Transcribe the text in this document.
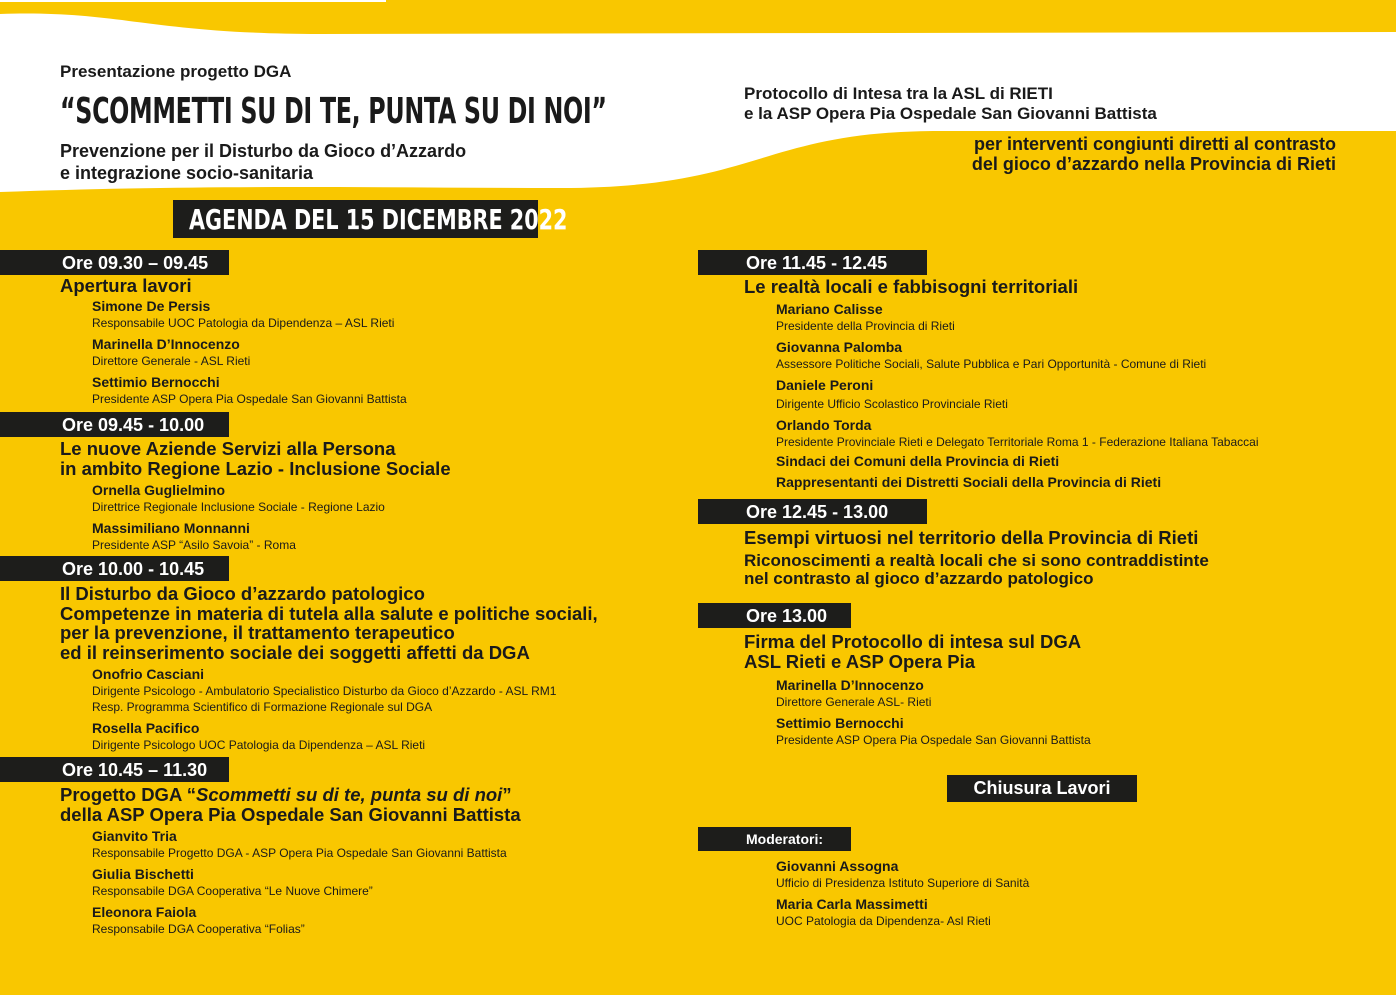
Presentazione progetto DGA
“SCOMMETTI SU DI TE, PUNTA SU DI NOI”
Prevenzione per il Disturbo da Gioco d’Azzardo
e integrazione socio-sanitaria
Protocollo di Intesa tra la ASL di RIETI
e la ASP Opera Pia Ospedale San Giovanni Battista
per interventi congiunti diretti al contrasto
del gioco d’azzardo nella Provincia di Rieti
AGENDA DEL 15 DICEMBRE 2022
Ore 09.30 – 09.45
Apertura lavori
Simone De Persis
Responsabile UOC Patologia da Dipendenza – ASL Rieti
Marinella D’Innocenzo
Direttore Generale - ASL Rieti
Settimio Bernocchi
Presidente ASP Opera Pia Ospedale San Giovanni Battista
Ore 09.45 - 10.00
Le nuove Aziende Servizi alla Persona
in ambito Regione Lazio - Inclusione Sociale
Ornella Guglielmino
Direttrice Regionale Inclusione Sociale - Regione Lazio
Massimiliano Monnanni
Presidente ASP “Asilo Savoia” - Roma
Ore 10.00 - 10.45
Il Disturbo da Gioco d’azzardo patologico
Competenze in materia di tutela alla salute e politiche sociali,
per la prevenzione, il trattamento terapeutico
ed il reinserimento sociale dei soggetti affetti da DGA
Onofrio Casciani
Dirigente Psicologo - Ambulatorio Specialistico Disturbo da Gioco d’Azzardo - ASL RM1
Resp. Programma Scientifico di Formazione Regionale sul DGA
Rosella Pacifico
Dirigente Psicologo UOC Patologia da Dipendenza – ASL Rieti
Ore 10.45 – 11.30
Progetto DGA “Scommetti su di te, punta su di noi”
della ASP Opera Pia Ospedale San Giovanni Battista
Gianvito Tria
Responsabile Progetto DGA - ASP Opera Pia Ospedale San Giovanni Battista
Giulia Bischetti
Responsabile DGA Cooperativa “Le Nuove Chimere”
Eleonora Faiola
Responsabile DGA Cooperativa “Folias”
Ore 11.45 - 12.45
Le realtà locali e fabbisogni territoriali
Mariano Calisse
Presidente della Provincia di Rieti
Giovanna Palomba
Assessore Politiche Sociali, Salute Pubblica e Pari Opportunità - Comune di Rieti
Daniele Peroni
Dirigente Ufficio Scolastico Provinciale Rieti
Orlando Torda
Presidente Provinciale Rieti e Delegato Territoriale Roma 1 - Federazione Italiana Tabaccai
Sindaci dei Comuni della Provincia di Rieti
Rappresentanti dei Distretti Sociali della Provincia di Rieti
Ore 12.45 - 13.00
Esempi virtuosi nel territorio della Provincia di Rieti
Riconoscimenti a realtà locali che si sono contraddistinte
nel contrasto al gioco d’azzardo patologico
Ore 13.00
Firma del Protocollo di intesa sul DGA
ASL Rieti e ASP Opera Pia
Marinella D’Innocenzo
Direttore Generale ASL- Rieti
Settimio Bernocchi
Presidente ASP Opera Pia Ospedale San Giovanni Battista
Chiusura Lavori
Moderatori:
Giovanni Assogna
Ufficio di Presidenza Istituto Superiore di Sanità
Maria Carla Massimetti
UOC Patologia da Dipendenza- Asl Rieti
